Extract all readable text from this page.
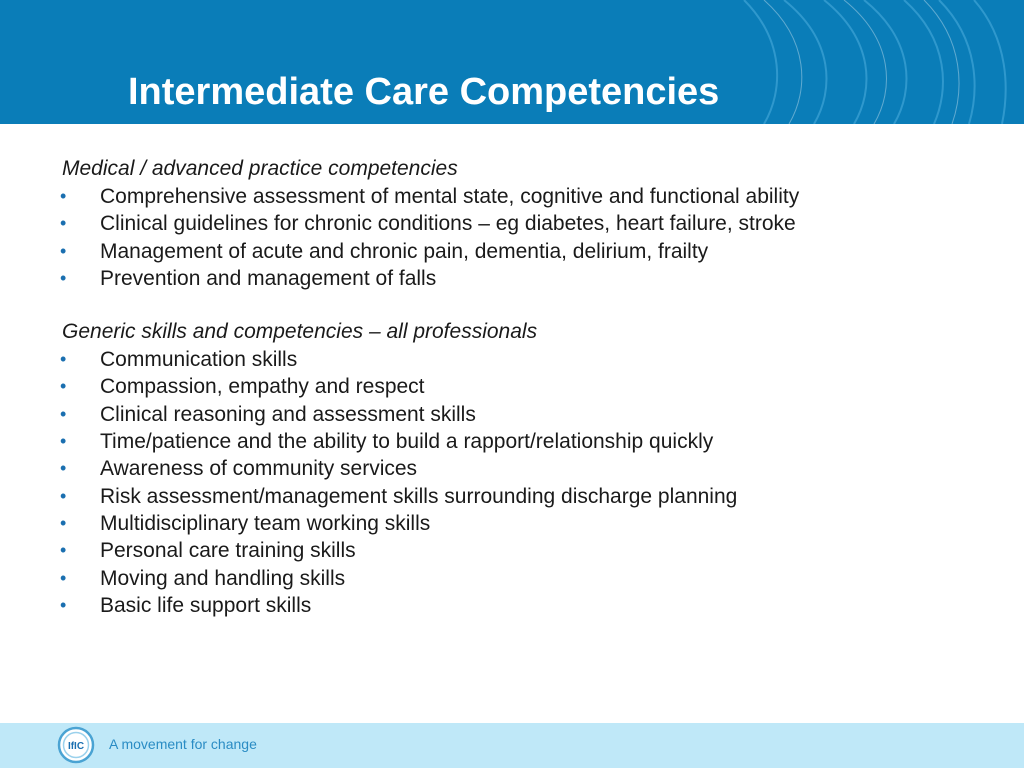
Intermediate Care Competencies

Medical / advanced practice competencies

• Comprehensive assessment of mental state, cognitive and functional ability
• Clinical guidelines for chronic conditions – eg diabetes, heart failure, stroke
• Management of acute and chronic pain, dementia, delirium, frailty
• Prevention and management of falls

Generic skills and competencies – all professionals

• Communication skills
• Compassion, empathy and respect
• Clinical reasoning and assessment skills
• Time/patience and the ability to build a rapport/relationship quickly
• Awareness of community services
• Risk assessment/management skills surrounding discharge planning
• Multidisciplinary team working skills
• Personal care training skills
• Moving and handling skills
• Basic life support skills
IfIC A movement for change
